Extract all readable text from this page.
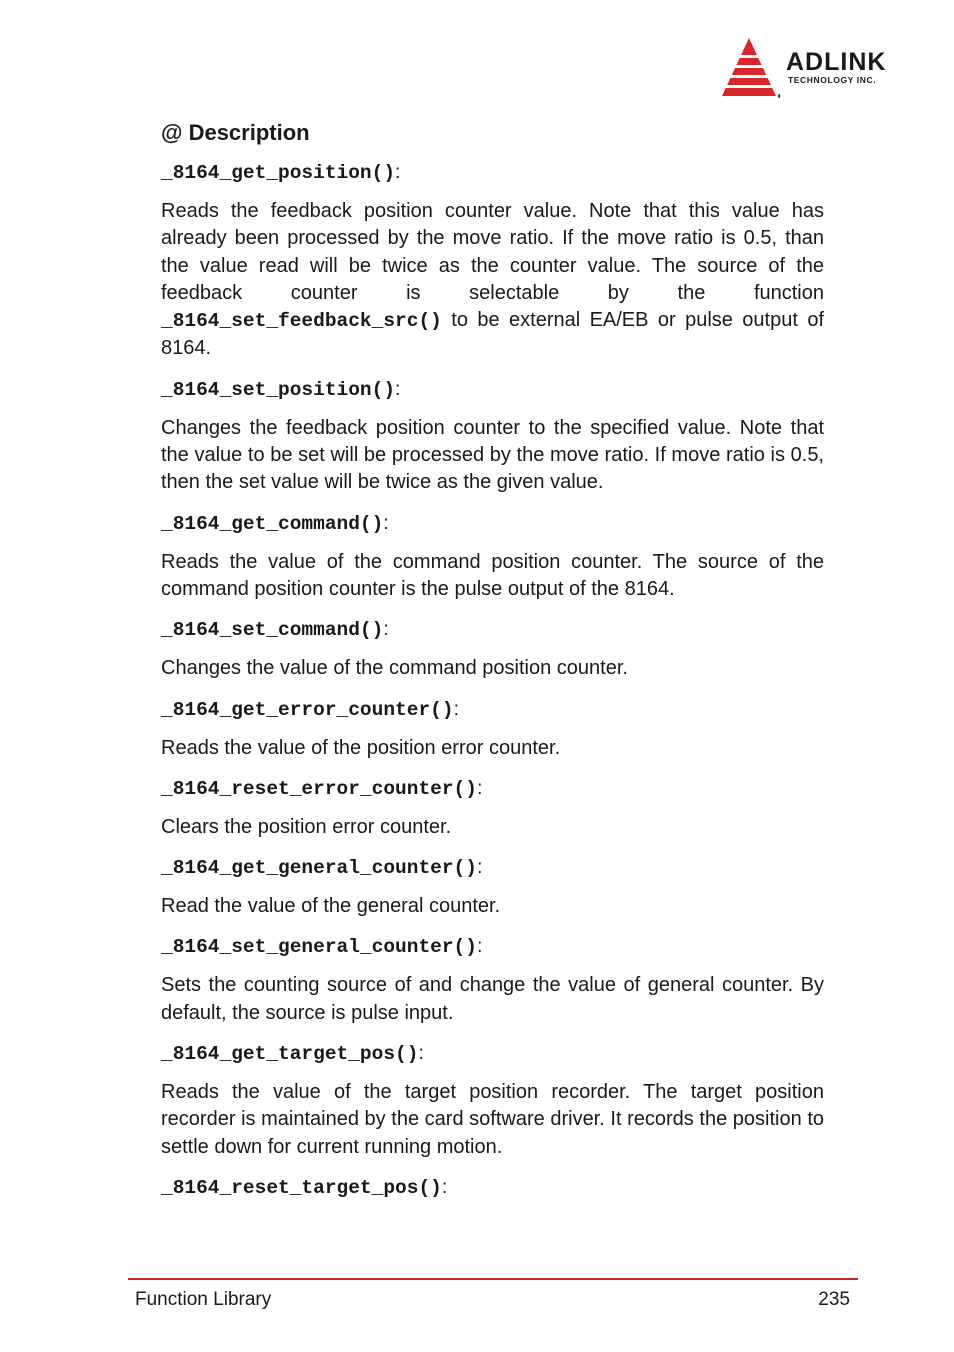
ADLINK
TECHNOLOGY INC.
@ Description
_8164_get_position():

Reads the feedback position counter value. Note that this value has already been processed by the move ratio. If the move ratio is 0.5, than the value read will be twice as the counter value. The source of the feedback counter is selectable by the function _8164_set_feedback_src() to be external EA/EB or pulse output of 8164.

_8164_set_position():

Changes the feedback position counter to the specified value. Note that the value to be set will be processed by the move ratio. If move ratio is 0.5, then the set value will be twice as the given value.

_8164_get_command():

Reads the value of the command position counter. The source of the command position counter is the pulse output of the 8164.

_8164_set_command():

Changes the value of the command position counter.

_8164_get_error_counter():

Reads the value of the position error counter.

_8164_reset_error_counter():

Clears the position error counter.

_8164_get_general_counter():

Read the value of the general counter.

_8164_set_general_counter():

Sets the counting source of and change the value of general counter. By default, the source is pulse input.

_8164_get_target_pos():

Reads the value of the target position recorder. The target position recorder is maintained by the card software driver. It records the position to settle down for current running motion.

_8164_reset_target_pos():
Function Library	235
